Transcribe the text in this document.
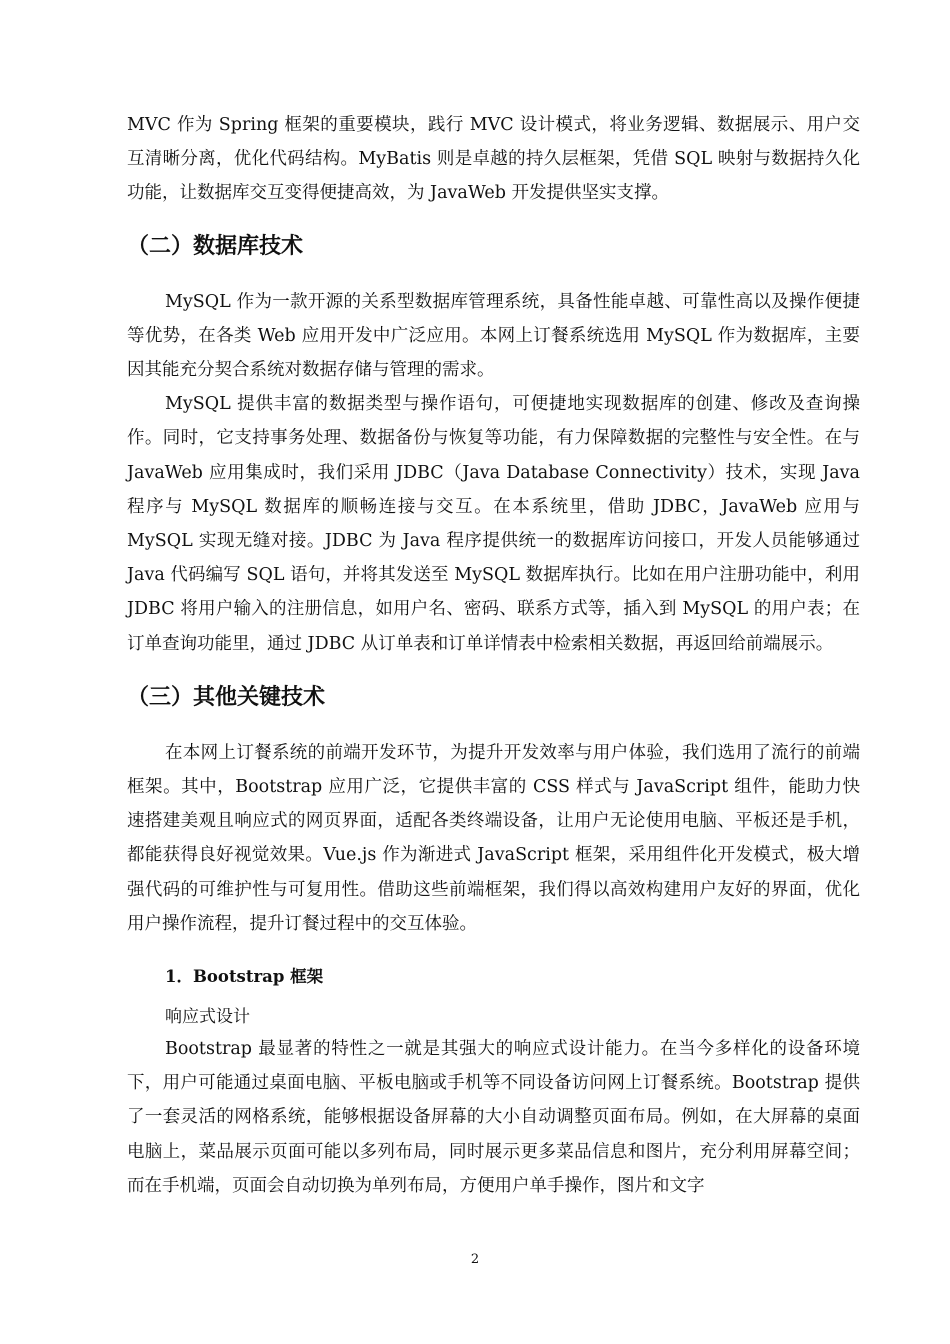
MVC 作为 Spring 框架的重要模块，践行 MVC 设计模式，将业务逻辑、数据展示、用户交互清晰分离，优化代码结构。MyBatis 则是卓越的持久层框架，凭借 SQL 映射与数据持久化功能，让数据库交互变得便捷高效，为 JavaWeb 开发提供坚实支撑。

（二）数据库技术

MySQL 作为一款开源的关系型数据库管理系统，具备性能卓越、可靠性高以及操作便捷等优势，在各类 Web 应用开发中广泛应用。本网上订餐系统选用 MySQL 作为数据库，主要因其能充分契合系统对数据存储与管理的需求。

MySQL 提供丰富的数据类型与操作语句，可便捷地实现数据库的创建、修改及查询操作。同时，它支持事务处理、数据备份与恢复等功能，有力保障数据的完整性与安全性。在与 JavaWeb 应用集成时，我们采用 JDBC（Java Database Connectivity）技术，实现 Java 程序与 MySQL 数据库的顺畅连接与交互。在本系统里，借助 JDBC，JavaWeb 应用与 MySQL 实现无缝对接。JDBC 为 Java 程序提供统一的数据库访问接口，开发人员能够通过 Java 代码编写 SQL 语句，并将其发送至 MySQL 数据库执行。比如在用户注册功能中，利用 JDBC 将用户输入的注册信息，如用户名、密码、联系方式等，插入到 MySQL 的用户表；在订单查询功能里，通过 JDBC 从订单表和订单详情表中检索相关数据，再返回给前端展示。

（三）其他关键技术

在本网上订餐系统的前端开发环节，为提升开发效率与用户体验，我们选用了流行的前端框架。其中，Bootstrap 应用广泛，它提供丰富的 CSS 样式与 JavaScript 组件，能助力快速搭建美观且响应式的网页界面，适配各类终端设备，让用户无论使用电脑、平板还是手机，都能获得良好视觉效果。Vue.js 作为渐进式 JavaScript 框架，采用组件化开发模式，极大增强代码的可维护性与可复用性。借助这些前端框架，我们得以高效构建用户友好的界面，优化用户操作流程，提升订餐过程中的交互体验。

1．Bootstrap 框架

响应式设计

Bootstrap 最显著的特性之一就是其强大的响应式设计能力。在当今多样化的设备环境下，用户可能通过桌面电脑、平板电脑或手机等不同设备访问网上订餐系统。Bootstrap 提供了一套灵活的网格系统，能够根据设备屏幕的大小自动调整页面布局。例如，在大屏幕的桌面电脑上，菜品展示页面可能以多列布局，同时展示更多菜品信息和图片，充分利用屏幕空间；而在手机端，页面会自动切换为单列布局，方便用户单手操作，图片和文字

2
